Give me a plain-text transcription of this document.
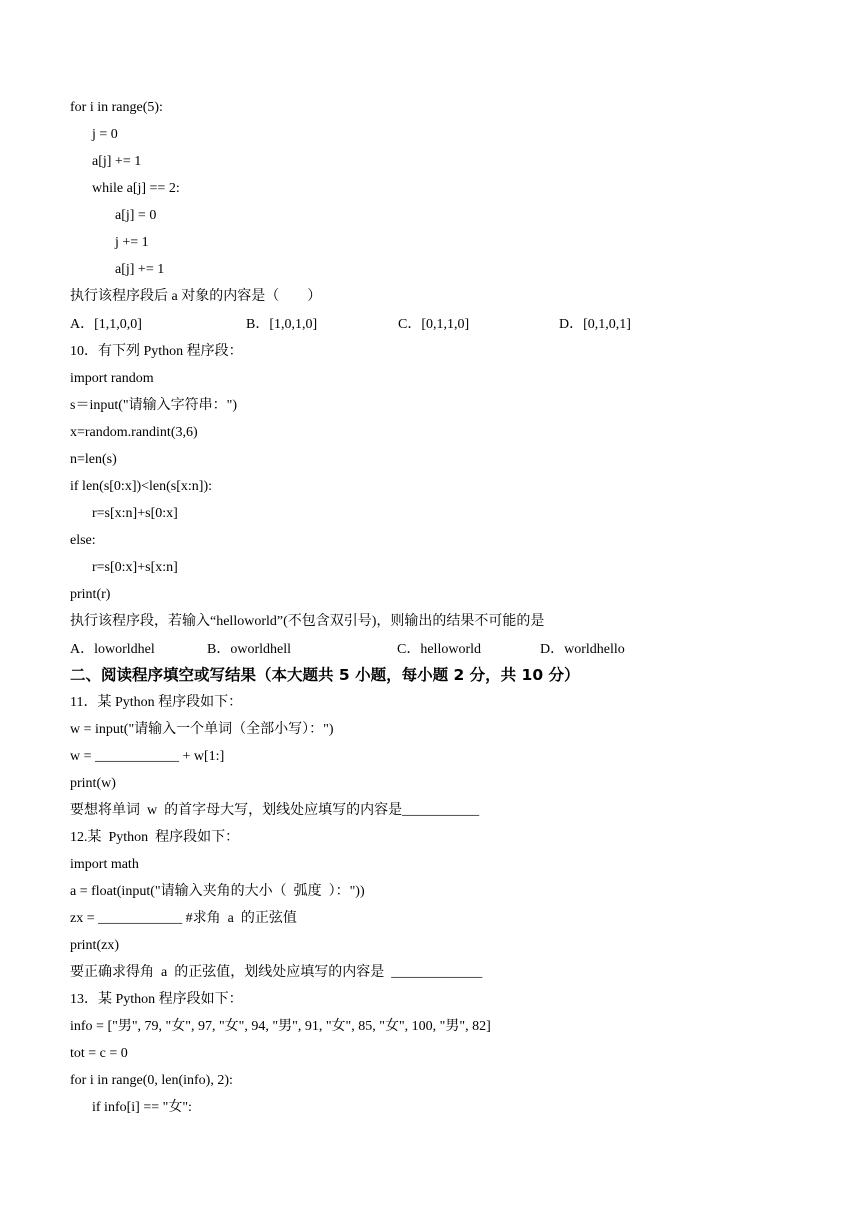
for i in range(5):
j = 0
a[j] += 1
while a[j] == 2:
a[j] = 0
j += 1
a[j] += 1
执行该程序段后 a 对象的内容是（　　）
A．[1,1,0,0]	B．[1,0,1,0]	C．[0,1,1,0]	D．[0,1,0,1]
10．有下列 Python 程序段：
import random
s＝input("请输入字符串：")
x=random.randint(3,6)
n=len(s)
if len(s[0:x])<len(s[x:n]):
r=s[x:n]+s[0:x]
else:
r=s[0:x]+s[x:n]
print(r)
执行该程序段，若输入“helloworld”(不包含双引号)，则输出的结果不可能的是
A．loworldhel	B．oworldhell	C．helloworld	D．worldhello
二、阅读程序填空或写结果（本大题共 5 小题，每小题 2 分，共 10 分）
11．某 Python 程序段如下：
w = input("请输入一个单词（全部小写）：")
w = ____________ + w[1:]
print(w)
要想将单词  w  的首字母大写，划线处应填写的内容是___________
12.某  Python  程序段如下：
import math
a = float(input("请输入夹角的大小（  弧度  ）："))
zx = ____________ #求角  a  的正弦值
print(zx)
要正确求得角  a  的正弦值，划线处应填写的内容是  _____________
13．某 Python 程序段如下：
info = ["男", 79, "女", 97, "女", 94, "男", 91, "女", 85, "女", 100, "男", 82]
tot = c = 0
for i in range(0, len(info), 2):
if info[i] == "女":
